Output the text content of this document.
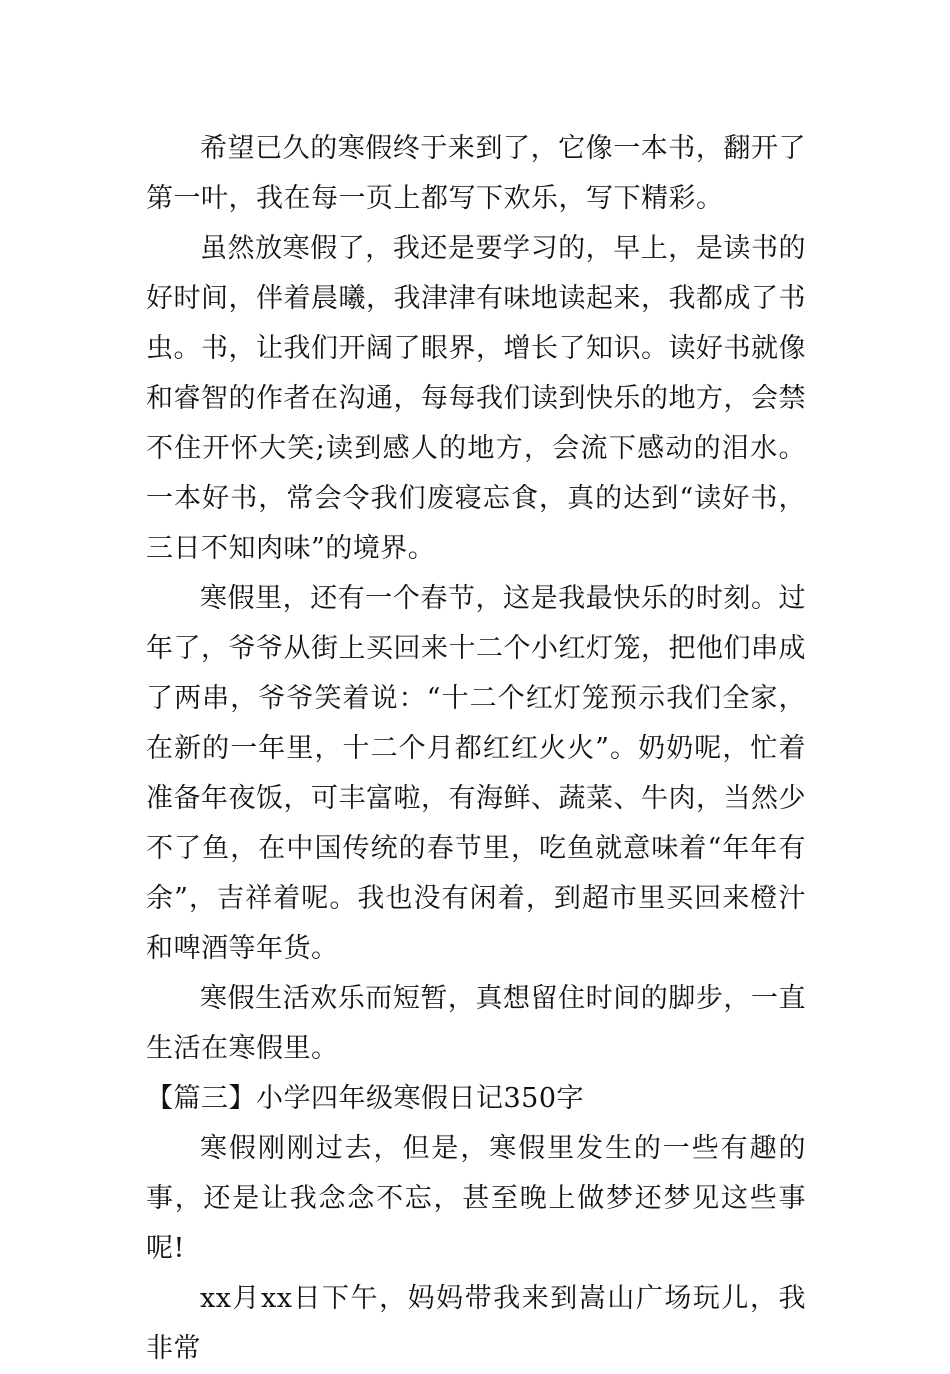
希望已久的寒假终于来到了，它像一本书，翻开了第一叶，我在每一页上都写下欢乐，写下精彩。

虽然放寒假了，我还是要学习的，早上，是读书的好时间，伴着晨曦，我津津有味地读起来，我都成了书虫。书，让我们开阔了眼界，增长了知识。读好书就像和睿智的作者在沟通，每每我们读到快乐的地方，会禁不住开怀大笑;读到感人的地方，会流下感动的泪水。一本好书，常会令我们废寝忘食，真的达到“读好书，三日不知肉味”的境界。

寒假里，还有一个春节，这是我最快乐的时刻。过年了，爷爷从街上买回来十二个小红灯笼，把他们串成了两串，爷爷笑着说：“十二个红灯笼预示我们全家，在新的一年里，十二个月都红红火火”。奶奶呢，忙着准备年夜饭，可丰富啦，有海鲜、蔬菜、牛肉，当然少不了鱼，在中国传统的春节里，吃鱼就意味着“年年有余”，吉祥着呢。我也没有闲着，到超市里买回来橙汁和啤酒等年货。

寒假生活欢乐而短暂，真想留住时间的脚步，一直生活在寒假里。

【篇三】小学四年级寒假日记350字

寒假刚刚过去，但是，寒假里发生的一些有趣的事，还是让我念念不忘，甚至晚上做梦还梦见这些事呢!

xx月xx日下午，妈妈带我来到嵩山广场玩儿，我非常
